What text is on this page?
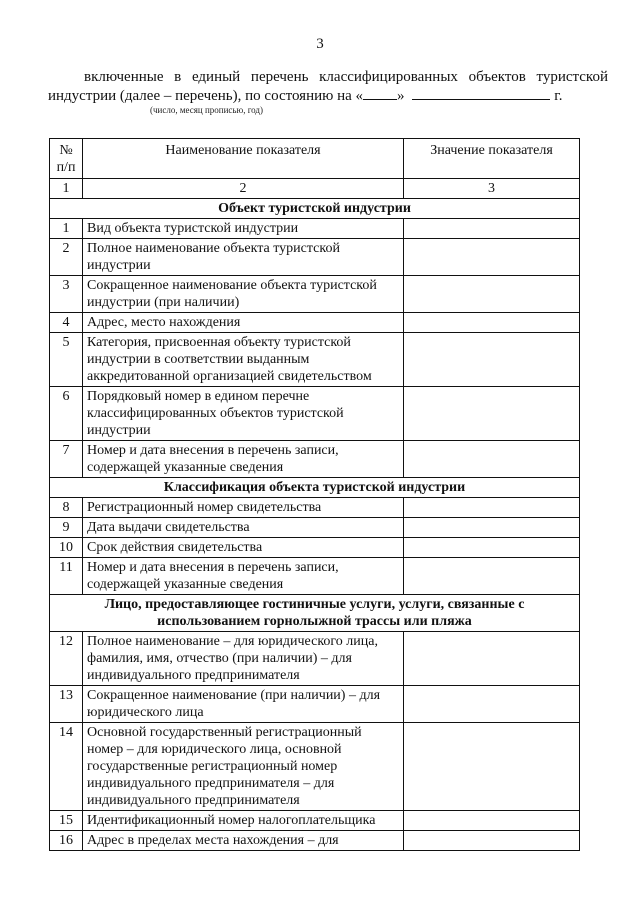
3
включенные в единый перечень классифицированных объектов туристской
индустрии (далее – перечень), по состоянию на « »	г.
(число, месяц прописью, год)
№ п/п	Наименование показателя	Значение показателя
1	2	3
Объект туристской индустрии		
1	Вид объекта туристской индустрии	
2	Полное наименование объекта туристской индустрии	
3	Сокращенное наименование объекта туристской индустрии (при наличии)	
4	Адрес, место нахождения	
5	Категория, присвоенная объекту туристской индустрии в соответствии выданным аккредитованной организацией свидетельством	
6	Порядковый номер в едином перечне классифицированных объектов туристской индустрии	
7	Номер и дата внесения в перечень записи, содержащей указанные сведения	
Классификация объекта туристской индустрии		
8	Регистрационный номер свидетельства	
9	Дата выдачи свидетельства	
10	Срок действия свидетельства	
11	Номер и дата внесения в перечень записи, содержащей указанные сведения	
Лицо, предоставляющее гостиничные услуги, услуги, связанные с использованием горнолыжной трассы или пляжа		
12	Полное наименование – для юридического лица, фамилия, имя, отчество (при наличии) – для индивидуального предпринимателя	
13	Сокращенное наименование (при наличии) – для юридического лица	
14	Основной государственный регистрационный номер – для юридического лица, основной государственные регистрационный номер индивидуального предпринимателя – для индивидуального предпринимателя	
15	Идентификационный номер налогоплательщика	
16	Адрес в пределах места нахождения – для	
